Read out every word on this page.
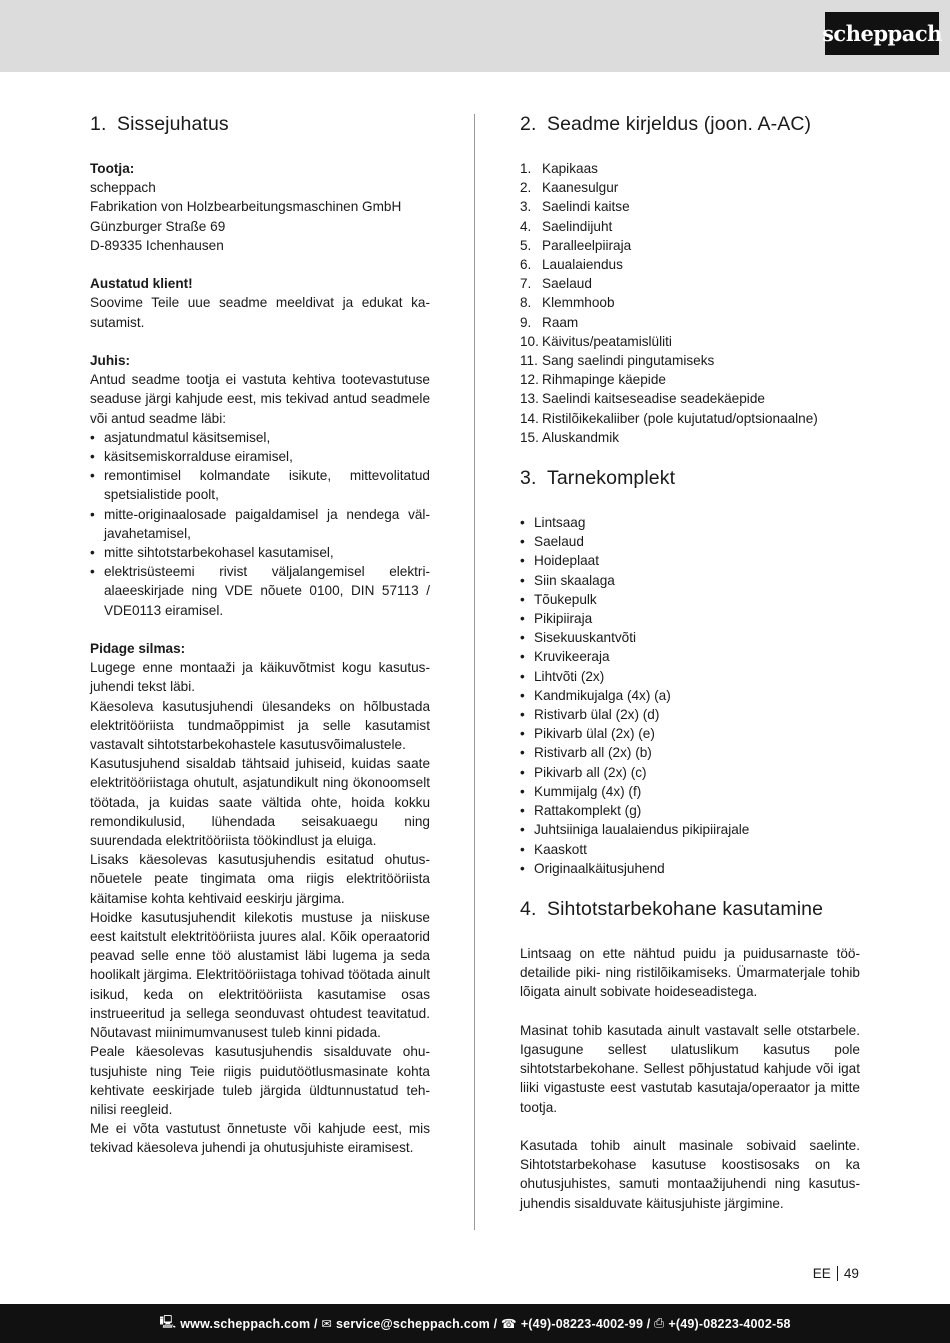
scheppach
1. Sissejuhatus
Tootja:
scheppach
Fabrikation von Holzbearbeitungsmaschinen GmbH
Günzburger Straße 69
D-89335 Ichenhausen
Austatud klient!

Soovime Teile uue seadme meeldivat ja edukat kasutamist.

Juhis:

Antud seadme tootja ei vastuta kehtiva tootevastutuse seaduse järgi kahjude eest, mis tekivad antud seadmele või antud seadme läbi:

• asjatundmatul käsitsemisel,
• käsitsemiskorralduse eiramisel,
• remontimisel kolmandate isikute, mittevolitatud spetsialistide poolt,
• mitte-originaalosade paigaldamisel ja nendega väljavahetamisel,
• mitte sihtotstarbekohasel kasutamisel,
• elektrisüsteemi rivist väljalangemisel elektrialaeeskirjade ning VDE nõuete 0100, DIN 57113 / VDE0113 eiramisel.
Pidage silmas:

Lugege enne montaaži ja käikuvõtmist kogu kasutusjuhendi tekst läbi.

Käesoleva kasutusjuhendi ülesandeks on hõlbustada elektritööriista tundmaõppimist ja selle kasutamist vastavalt sihtotstarbekohastele kasutusvõimalustele.

Kasutusjuhend sisaldab tähtsaid juhiseid, kuidas saate elektritööriistaga ohutult, asjatundikult ning ökonoomselt töötada, ja kuidas saate vältida ohte, hoida kokku remondikulusid, lühendada seisakuaegu ning suurendada elektritööriista töökindlust ja eluiga.

Lisaks käesolevas kasutusjuhendis esitatud ohutusnõuetele peate tingimata oma riigis elektritööriista käitamise kohta kehtivaid eeskirju järgima.

Hoidke kasutusjuhendit kilekotis mustuse ja niiskuse eest kaitstult elektritööriista juures alal. Kõik operaatorid peavad selle enne töö alustamist läbi lugema ja seda hoolikalt järgima. Elektritööriistaga tohivad töötada ainult isikud, keda on elektritööriista kasutamise osas instrueeritud ja sellega seonduvast ohtudest teavitatud. Nõutavast miinimumvanusest tuleb kinni pidada.

Peale käesolevas kasutusjuhendis sisalduvate ohutusjuhiste ning Teie riigis puidutöötlusmasinate kohta kehtivate eeskirjade tuleb järgida üldtunnustatud tehnilisi reegleid.

Me ei võta vastutust õnnetuste või kahjude eest, mis tekivad käesoleva juhendi ja ohutusjuhiste eiramisest.

2. Seadme kirjeldus (joon. A-AC)
1. Kapikaas
2. Kaanesulgur
3. Saelindi kaitse
4. Saelindijuht
5. Paralleelpiiraja
6. Laualaiendus
7. Saelaud
8. Klemmhoob
9. Raam
10. Käivitus/peatamislüliti
11. Sang saelindi pingutamiseks
12. Rihmapinge käepide
13. Saelindi kaitseseadise seadekäepide
14. Ristilõikekaliiber (pole kujutatud/optsionaalne)
15. Aluskandmik
3. Tarnekomplekt
• Lintsaag
• Saelaud
• Hoideplaat
• Siin skaalaga
• Tõukepulk
• Pikipiiraja
• Sisekuuskantvõti
• Kruvikeeraja
• Lihtvõti (2x)
• Kandmikujalga (4x) (a)
• Ristivarb ülal (2x) (d)
• Pikivarb ülal (2x) (e)
• Ristivarb all (2x) (b)
• Pikivarb all (2x) (c)
• Kummijalg (4x) (f)
• Rattakomplekt (g)
• Juhtsiiniga laualaiendus pikipiirajale
• Kaaskott
• Originaalkäitusjuhend
4. Sihtotstarbekohane kasutamine

Lintsaag on ette nähtud puidu ja puidusarnaste töödetailide piki- ning ristilõikamiseks. Ümarmaterjale tohib lõigata ainult sobivate hoideseadistega.

Masinat tohib kasutada ainult vastavalt selle otstarbele. Igasugune sellest ulatuslikum kasutus pole sihtotstarbekohane. Sellest põhjustatud kahjude või igat liiki vigastuste eest vastutab kasutaja/operaator ja mitte tootja.

Kasutada tohib ainult masinale sobivaid saelinte. Sihtotstarbekohase kasutuse koostisosaks on ka ohutusjuhistes, samuti montaažijuhendi ning kasutusjuhendis sisalduvate käitusjuhiste järgimine.

EE 49
🖳 www.scheppach.com /
✉ service@scheppach.com /
☎ +(49)-08223-4002-99 /
⎙ +(49)-08223-4002-58
